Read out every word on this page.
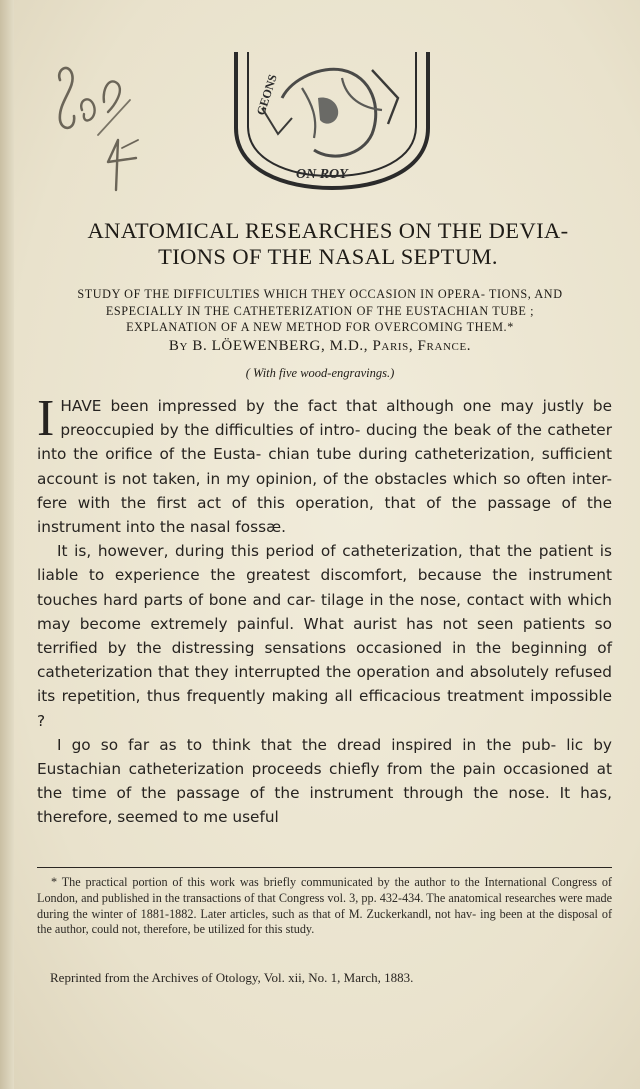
GEONS
ON ROY
ANATOMICAL RESEARCHES ON THE DEVIA- TIONS OF THE NASAL SEPTUM.
STUDY OF THE DIFFICULTIES WHICH THEY OCCASION IN OPERA- TIONS, AND ESPECIALLY IN THE CATHETERIZATION OF THE EUSTACHIAN TUBE ; EXPLANATION OF A NEW METHOD FOR OVERCOMING THEM.*
By B. LÖEWENBERG, M.D., Paris, France.
( With five wood-engravings.)

IHAVE been impressed by the fact that although one may justly be preoccupied by the difficulties of intro- ducing the beak of the catheter into the orifice of the Eusta- chian tube during catheterization, sufficient account is not taken, in my opinion, of the obstacles which so often inter- fere with the first act of this operation, that of the passage of the instrument into the nasal fossæ.

It is, however, during this period of catheterization, that the patient is liable to experience the greatest discomfort, because the instrument touches hard parts of bone and car- tilage in the nose, contact with which may become extremely painful. What aurist has not seen patients so terrified by the distressing sensations occasioned in the beginning of catheterization that they interrupted the operation and absolutely refused its repetition, thus frequently making all efficacious treatment impossible ?

I go so far as to think that the dread inspired in the pub- lic by Eustachian catheterization proceeds chiefly from the pain occasioned at the time of the passage of the instrument through the nose. It has, therefore, seemed to me useful

* The practical portion of this work was briefly communicated by the author to the International Congress of London, and published in the transactions of that Congress vol. 3, pp. 432-434. The anatomical researches were made during the winter of 1881-1882. Later articles, such as that of M. Zuckerkandl, not hav- ing been at the disposal of the author, could not, therefore, be utilized for this study.

Reprinted from the Archives of Otology, Vol. xii, No. 1, March, 1883.
